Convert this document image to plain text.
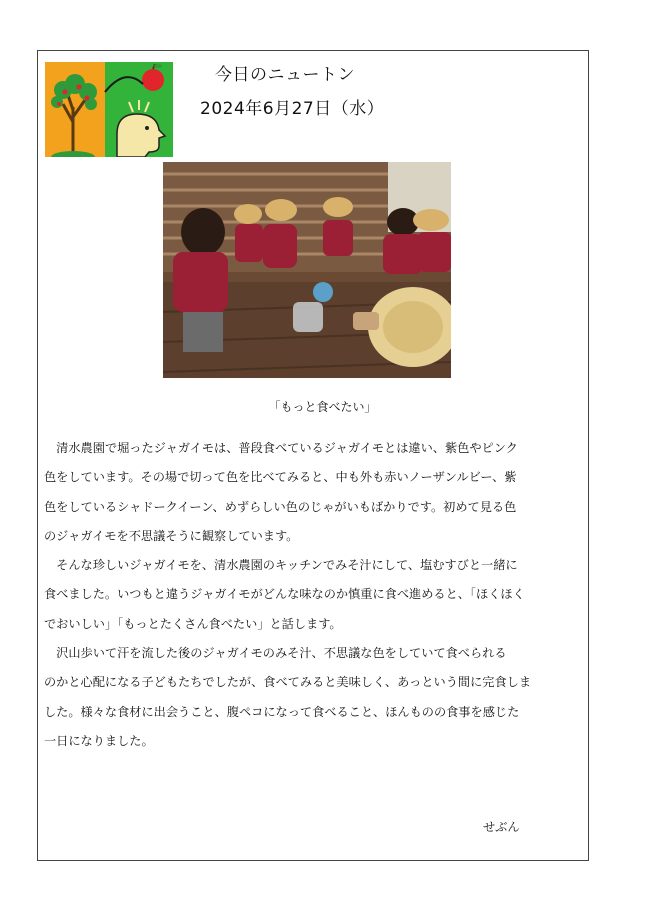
今日のニュートン
2024年6月27日（水）
「もっと食べたい」
　清水農園で堀ったジャガイモは、普段食べているジャガイモとは違い、紫色やピンク
色をしています。その場で切って色を比べてみると、中も外も赤いノーザンルビー、紫
色をしているシャドークイーン、めずらしい色のじゃがいもばかりです。初めて見る色
のジャガイモを不思議そうに観察しています。
　そんな珍しいジャガイモを、清水農園のキッチンでみそ汁にして、塩むすびと一緒に
食べました。いつもと違うジャガイモがどんな味なのか慎重に食べ進めると、「ほくほく
でおいしい」「もっとたくさん食べたい」と話します。
　沢山歩いて汗を流した後のジャガイモのみそ汁、不思議な色をしていて食べられる
のかと心配になる子どもたちでしたが、食べてみると美味しく、あっという間に完食しま
した。様々な食材に出会うこと、腹ペコになって食べること、ほんものの食事を感じた
一日になりました。
せぶん
